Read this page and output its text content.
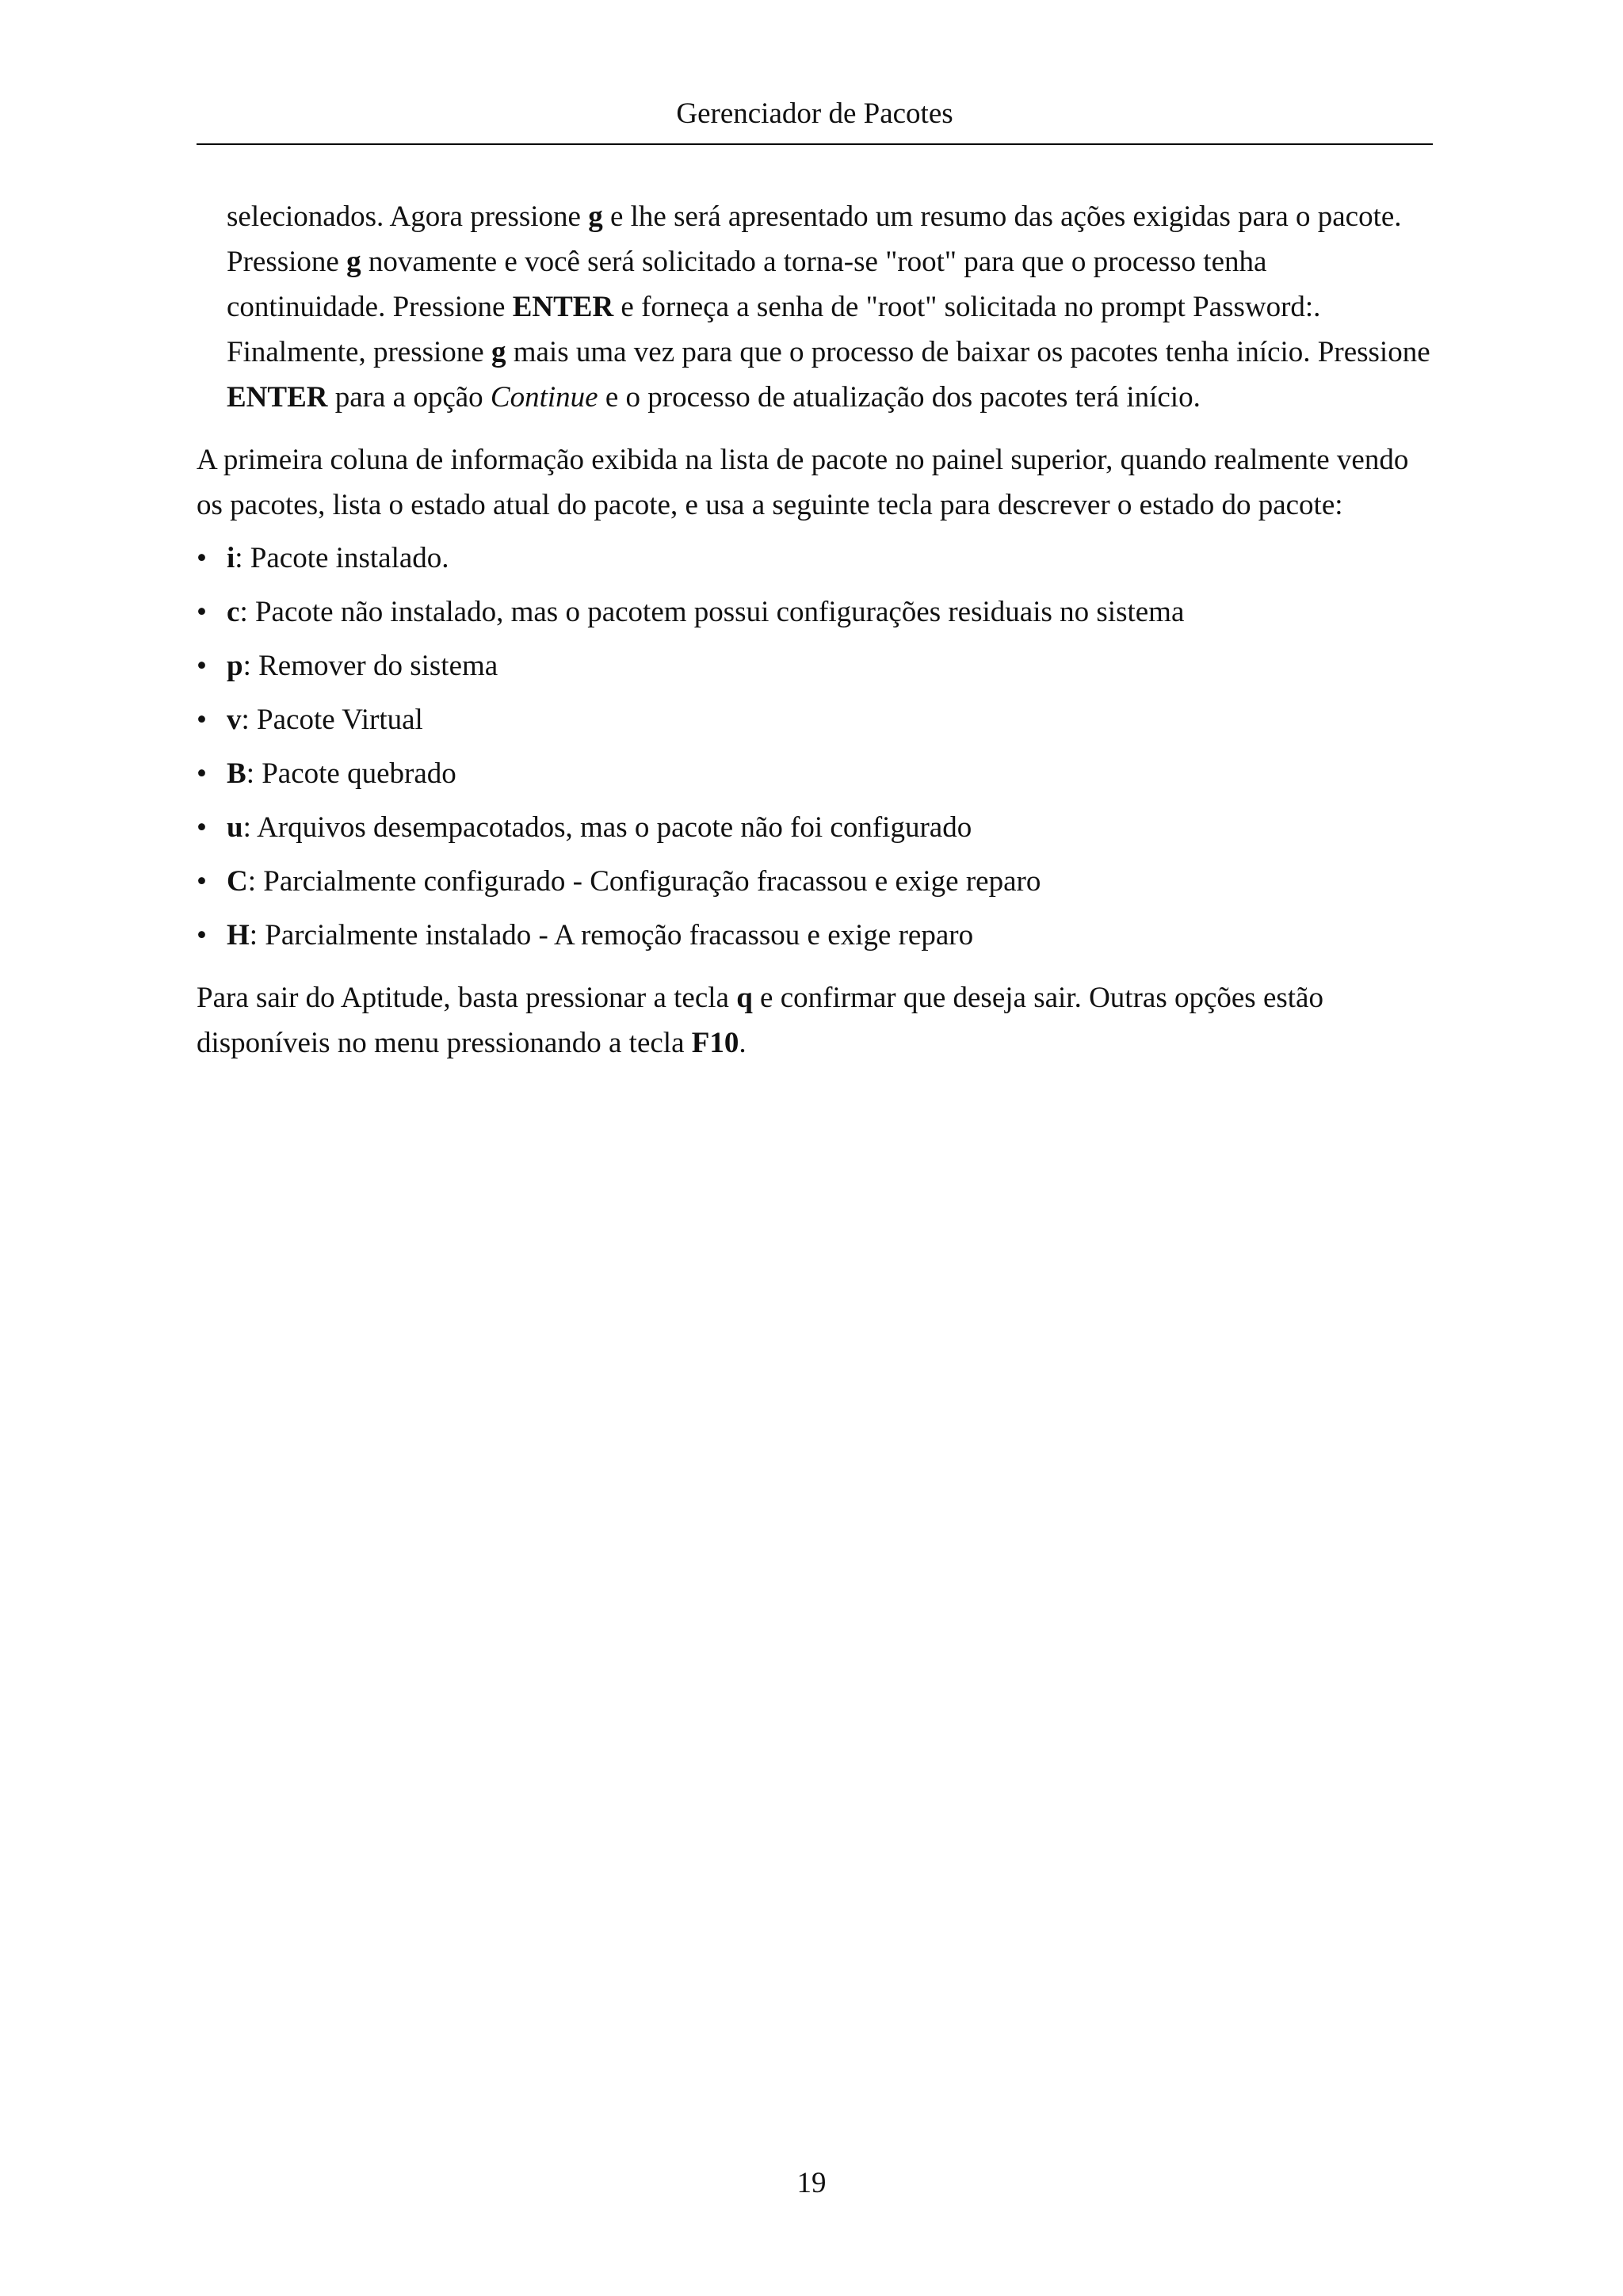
Gerenciador de Pacotes

selecionados. Agora pressione g e lhe será apresentado um resumo das ações exigidas para o pacote. Pressione g novamente e você será solicitado a torna-se "root" para que o processo tenha continuidade. Pressione ENTER e forneça a senha de "root" solicitada no prompt Password:. Finalmente, pressione g mais uma vez para que o processo de baixar os pacotes tenha início. Pressione ENTER para a opção Continue e o processo de atualização dos pacotes terá início.

A primeira coluna de informação exibida na lista de pacote no painel superior, quando realmente vendo os pacotes, lista o estado atual do pacote, e usa a seguinte tecla para descrever o estado do pacote:

• i: Pacote instalado.
• c: Pacote não instalado, mas o pacotem possui configurações residuais no sistema
• p: Remover do sistema
• v: Pacote Virtual
• B: Pacote quebrado
• u: Arquivos desempacotados, mas o pacote não foi configurado
• C: Parcialmente configurado - Configuração fracassou e exige reparo
• H: Parcialmente instalado - A remoção fracassou e exige reparo

Para sair do Aptitude, basta pressionar a tecla q e confirmar que deseja sair. Outras opções estão disponíveis no menu pressionando a tecla F10.

19
